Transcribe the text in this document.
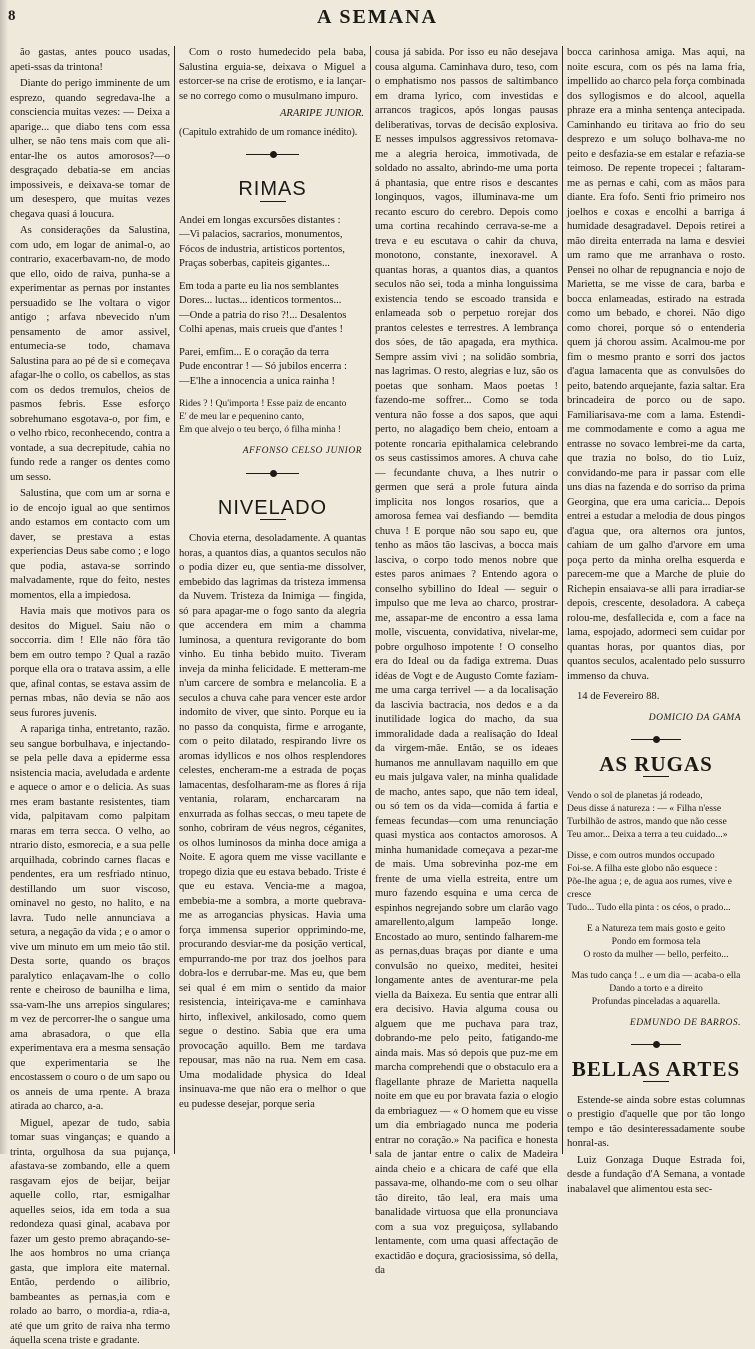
8	A SEMANA

ão gastas, antes pouco usadas, apeti-ssas da trintona!

Diante do perigo imminente de um esprezo, quando segredava-lhe a consciencia muitas vezes: — Deixa a aparige... que diabo tens com essa ulher, se não tens mais com que ali-entar-lhe os autos amorosos?—o desgraçado debatia-se em ancias impossiveis, e deixava-se tomar de um desespero, que muitas vezes chegava quasi á loucura.

As considerações da Salustina, com udo, em logar de animal-o, ao contrario, exacerbavam-no, de modo que ello, oido de raiva, punha-se a experimentar as pernas por instantes persuadido se lhe voltara o vigor antigo ; arfava nbevecido n'um pensamento de amor assivel, entumecia-se todo, chamava Salustina para ao pé de si e começava afagar-lhe o collo, os cabellos, as stas com os dedos tremulos, cheios de pasmos febris. Esse esforço sobrehumano esgotava-o, por fim, e o velho rbico, reconhecendo, contra a vontade, a sua decrepitude, cahia no fundo rede a ranger os dentes como um sesso.

Salustina, que com um ar sorna e io de encojo igual ao que sentimos ando estamos em contacto com um daver, se prestava a estas experiencias Deus sabe como ; e logo que podia, astava-se sorrindo malvadamente, rque do feito, nestes momentos, ella a impiedosa.

Havia mais que motivos para os desitos do Miguel. Saiu não o soccorria. dim ! Elle não fôra tão bem em outro tempo ? Qual a razão porque ella ora o tratava assim, a elle que, afinal contas, se estava assim de pernas mbas, não devia se não aos seus furores juvenis.

A rapariga tinha, entretanto, razão. seu sangue borbulhava, e injectando-se pela pelle dava a epiderme essa nsistencia macia, aveludada e ardente e aquece o amor e o delicia. As suas rnes eram bastante resistentes, tiam vida, palpitavam como palpitam rnaras em terra secca. O velho, ao ntrario disto, esmorecia, e a sua pelle arquilhada, cobrindo carnes flacas e pendentes, era um resfriado ntinuo, destillando um suor viscoso, ominavel no gesto, no halito, e na lavra. Tudo nelle annunciava a setura, a negação da vida ; e o amor o vive um minuto em um meio tão stil. Desta sorte, quando os braços paralytico enlaçavam-lhe o collo rente e cheiroso de baunilha e lima, ssa-vam-lhe uns arrepios singulares; m vez de percorrer-lhe o sangue uma ama abrasadora, o que ella experimentava era a mesma sensação que experimentaria se lhe encostassem o couro o de um sapo ou os anneis de uma rpente. A braza atirada ao charco, a-a.

Miguel, apezar de tudo, sabia tomar suas vinganças; e quando a trinta, orgulhosa da sua pujança, afastava-se zombando, elle a quem rasgavam ejos de beijar, beijar aquelle collo, rtar, esmigalhar aquelles seios, ida em toda a sua redondeza quasi ginal, acabava por fazer um gesto premo abraçando-se-lhe aos hombros no uma criança gasta, que implora eite maternal. Então, perdendo o ailibrio, bambeantes as pernas,ia com e rolado ao barro, o mordia-a, rdia-a, até que um grito de raiva nha termo áquella scena triste e gradante.

Com o rosto humedecido pela baba, Salustina erguia-se, deixava o Miguel a estorcer-se na crise de erotismo, e ia lançar-se no corrego como o musulmano impuro.

ARARIPE JUNIOR.
(Capitulo extrahido de um romance inédito).
RIMAS
Andei em longas excursões distantes :
—Vi palacios, sacrarios, monumentos,
Fócos de industria, artisticos portentos,
Praças soberbas, capiteis gigantes...
Em toda a parte eu lia nos semblantes
Dores... luctas... identicos tormentos...
—Onde a patria do riso ?!... Desalentos
Colhi apenas, mais crueis que d'antes !
Parei, emfim... E o coração da terra
Pude encontrar ! — Só jubilos encerra :
—E'lhe a innocencia a unica rainha !
Rides ? ! Qu'importa ! Esse paiz de encanto
E' de meu lar e pequenino canto,
Em que alvejo o teu berço, ó filha minha !
AFFONSO CELSO JUNIOR
NIVELADO

Chovia eterna, desoladamente. A quantas horas, a quantos dias, a quantos seculos não o podia dizer eu, que sentia-me dissolver, embebido das lagrimas da tristeza immensa da Nuvem. Tristeza da Inimiga — fingida, só para apagar-me o fogo santo da alegria que accendera em mim a chamma luminosa, a quentura revigorante do bom vinho. Eu tinha bebido muito. Tiveram inveja da minha felicidade. E metteram-me n'um carcere de sombra e melancolia. E a seculos a chuva cahe para vencer este ardor indomito de viver, que sinto. Porque eu ia no passo da conquista, firme e arrogante, com o peito dilatado, respirando livre os aromas idyllicos e nos olhos resplendores celestes, encheram-me a estrada de poças lamacentas, desfolharam-me as flores á rija ventania, rolaram, encharcaram na enxurrada as folhas seccas, o meu tapete de sonho, cobriram de véus negros, céganites, os olhos luminosos da minha doce amiga a Noite. E agora quem me visse vacillante e tropego dizia que eu estava bebado. Triste é que eu estava. Vencia-me a magoa, embebia-me a sombra, a morte quebrava-me as arrogancias physicas. Havia uma força immensa superior opprimindo-me, procurando desviar-me da posição vertical, empurrando-me por traz dos joelhos para dobra-los e derrubar-me. Mas eu, que bem sei qual é em mim o sentido da maior resistencia, inteiriçava-me e caminhava hirto, inflexivel, ankilosado, como quem segue o destino. Sabia que era uma provocação aquillo. Bem me tardava repousar, mas não na rua. Nem em casa. Uma modalidade physica do Ideal insinuava-me que não era o melhor o que eu pudesse desejar, porque seria

cousa já sabida. Por isso eu não desejava cousa alguma. Caminhava duro, teso, com o emphatismo nos passos de saltimbanco em drama lyrico, com investidas e arrancos tragicos, após longas pausas deliberativas, torvas de decisão explosiva. E nesses impulsos aggressivos retomava-me a alegria heroica, immotivada, de soldado no assalto, abrindo-me uma porta á phantasia, que entre risos e descantes longinquos, vagos, illuminava-me um recanto escuro do cerebro. Depois como uma cortina recahindo cerrava-se-me a treva e eu escutava o cahir da chuva, monotono, constante, inexoravel. A quantas horas, a quantos dias, a quantos seculos não sei, toda a minha longuissima existencia tendo se escoado transida e enlameada sob o perpetuo rorejar dos prantos celestes e terrestres. A lembrança dos sóes, de tão apagada, era mythica. Sempre assim vivi ; na solidão sombria, nas lagrimas. O resto, alegrias e luz, são os poetas que sonham. Maos poetas ! fazendo-me soffrer... Como se toda ventura não fosse a dos sapos, que aqui perto, no alagadiço bem cheio, entoam a potente roncaria epithalamica celebrando os seus castissimos amores. A chuva cahe — fecundante chuva, a lhes nutrir o germen que será a prole futura ainda implicita nos longos rosarios, que a amorosa femea vai desfiando — bemdita chuva ! E porque não sou sapo eu, que tenho as mãos tão lascivas, a bocca mais lasciva, o corpo todo menos nobre que estes paros animaes ? Entendo agora o conselho sybillino do Ideal — seguir o impulso que me leva ao charco, prostrar-me, assapar-me de encontro a essa lama molle, viscuenta, convidativa, nivelar-me, pobre orgulhoso impotente ! O conselho era do Ideal ou da fadiga extrema. Duas idéas de Vogt e de Augusto Comte faziam-me uma carga terrivel — a da localisação da lascivia bactracia, nos dedos e a da inutilidade logica do macho, da sua immoralidade dada a realisação do Ideal da virgem-mãe. Então, se os ideaes humanos me annullavam naquillo em que eu mais julgava valer, na minha qualidade de macho, antes sapo, que não tem ideal, ou só tem os da vida—comida á fartia e femeas fecundas—com uma renunciação quasi mystica aos contactos amorosos. A minha humanidade começava a pezar-me de mais. Uma sobrevinha poz-me em frente de uma viella estreita, entre um muro fazendo esquina e uma cerca de espinhos negrejando sobre um clarão vago amarellento,algum lampeão longe. Encostado ao muro, sentindo falharem-me as pernas,duas braças por diante e uma convulsão no queixo, meditei, hesitei longamente antes de aventurar-me pela viella da Baixeza. Eu sentia que entrar alli era decisivo. Havia alguma cousa ou alguem que me puchava para traz, dobrando-me pelo peito, fatigando-me ainda mais. Mas só depois que puz-me em marcha comprehendi que o obstaculo era a flagellante phraze de Marietta naquella noite em que eu por bravata fazia o elogio da embriaguez — « O homem que eu visse um dia embriagado nunca me poderia entrar no coração.» Na pacifica e honesta sala de jantar entre o calix de Madeira ainda cheio e a chicara de café que ella passava-me, olhando-me com o seu olhar tão direito, tão leal, era mais uma banalidade virtuosa que ella pronunciava com a sua voz preguiçosa, syllabando lentamente, com uma quasi affectação de exactidão e doçura, graciosissima, só della, da

bocca carinhosa amiga. Mas aqui, na noite escura, com os pés na lama fria, impellido ao charco pela força combinada dos syllogismos e do alcool, aquella phraze era a minha sentença antecipada. Caminhando eu tiritava ao frio do seu desprezo e um soluço bolhava-me no peito e desfazia-se em estalar e refazia-se teimoso. De repente tropecei ; faltaram-me as pernas e cahi, com as mãos para diante. Era fofo. Senti frio primeiro nos joelhos e coxas e encolhi a barriga á humidade desagradavel. Depois retirei a mão direita enterrada na lama e desviei um ramo que me arranhava o rosto. Pensei no olhar de repugnancia e nojo de Marietta, se me visse de cara, barba e bocca enlameadas, estirado na estrada como um bebado, e chorei. Não digo como chorei, porque só o entenderia quem já chorou assim. Acalmou-me por fim o mesmo pranto e sorri dos jactos d'agua lamacenta que as convulsões do peito, batendo arquejante, fazia saltar. Era brincadeira de porco ou de sapo. Familiarisava-me com a lama. Estendi-me commodamente e como a agua me entrasse no sovaco lembrei-me da carta, que trazia no bolso, do tio Luiz, convidando-me para ir passar com elle uns dias na fazenda e do sorriso da prima Georgina, que era uma caricia... Depois entrei a estudar a melodia de dous pingos d'agua que, ora alternos ora juntos, cahiam de um galho d'arvore em uma poça perto da minha orelha esquerda e parecem-me que a Marche de pluie do Richepin ensaiava-se alli para irradiar-se depois, crescente, desoladora. A cabeça rolou-me, desfallecida e, com a face na lama, espojado, adormeci sem cuidar por quantas horas, por quantos dias, por quantos seculos, acalentado pelo sussurro immenso da chuva.

14 de Fevereiro 88.
DOMICIO DA GAMA
AS RUGAS
Vendo o sol de planetas já rodeado,
Deus disse á natureza : — « Filha n'esse
Turbilhão de astros, mando que não cesse
Teu amor... Deixa a terra a teu cuidado...»
Disse, e com outros mundos occupado
Foi-se. A filha este globo não esquece :
Põe-lhe agua ; e, de agua aos rumes, vive e cresce
Tudo... Tudo ella pinta : os céos, o prado...
E a Natureza tem mais gosto e geito
Pondo em formosa tela
O rosto da mulher — bello, perfeito...
Mas tudo cança ! .. e um dia — acaba-o ella
Dando a torto e a direito
Profundas pinceladas a aquarella.
EDMUNDO DE BARROS.
BELLAS ARTES

Estende-se ainda sobre estas columnas o prestigio d'aquelle que por tão longo tempo e tão desinteressadamente soube honral-as.

Luiz Gonzaga Duque Estrada foi, desde a fundação d'A Semana, a vontade inabalavel que alimentou esta sec-
